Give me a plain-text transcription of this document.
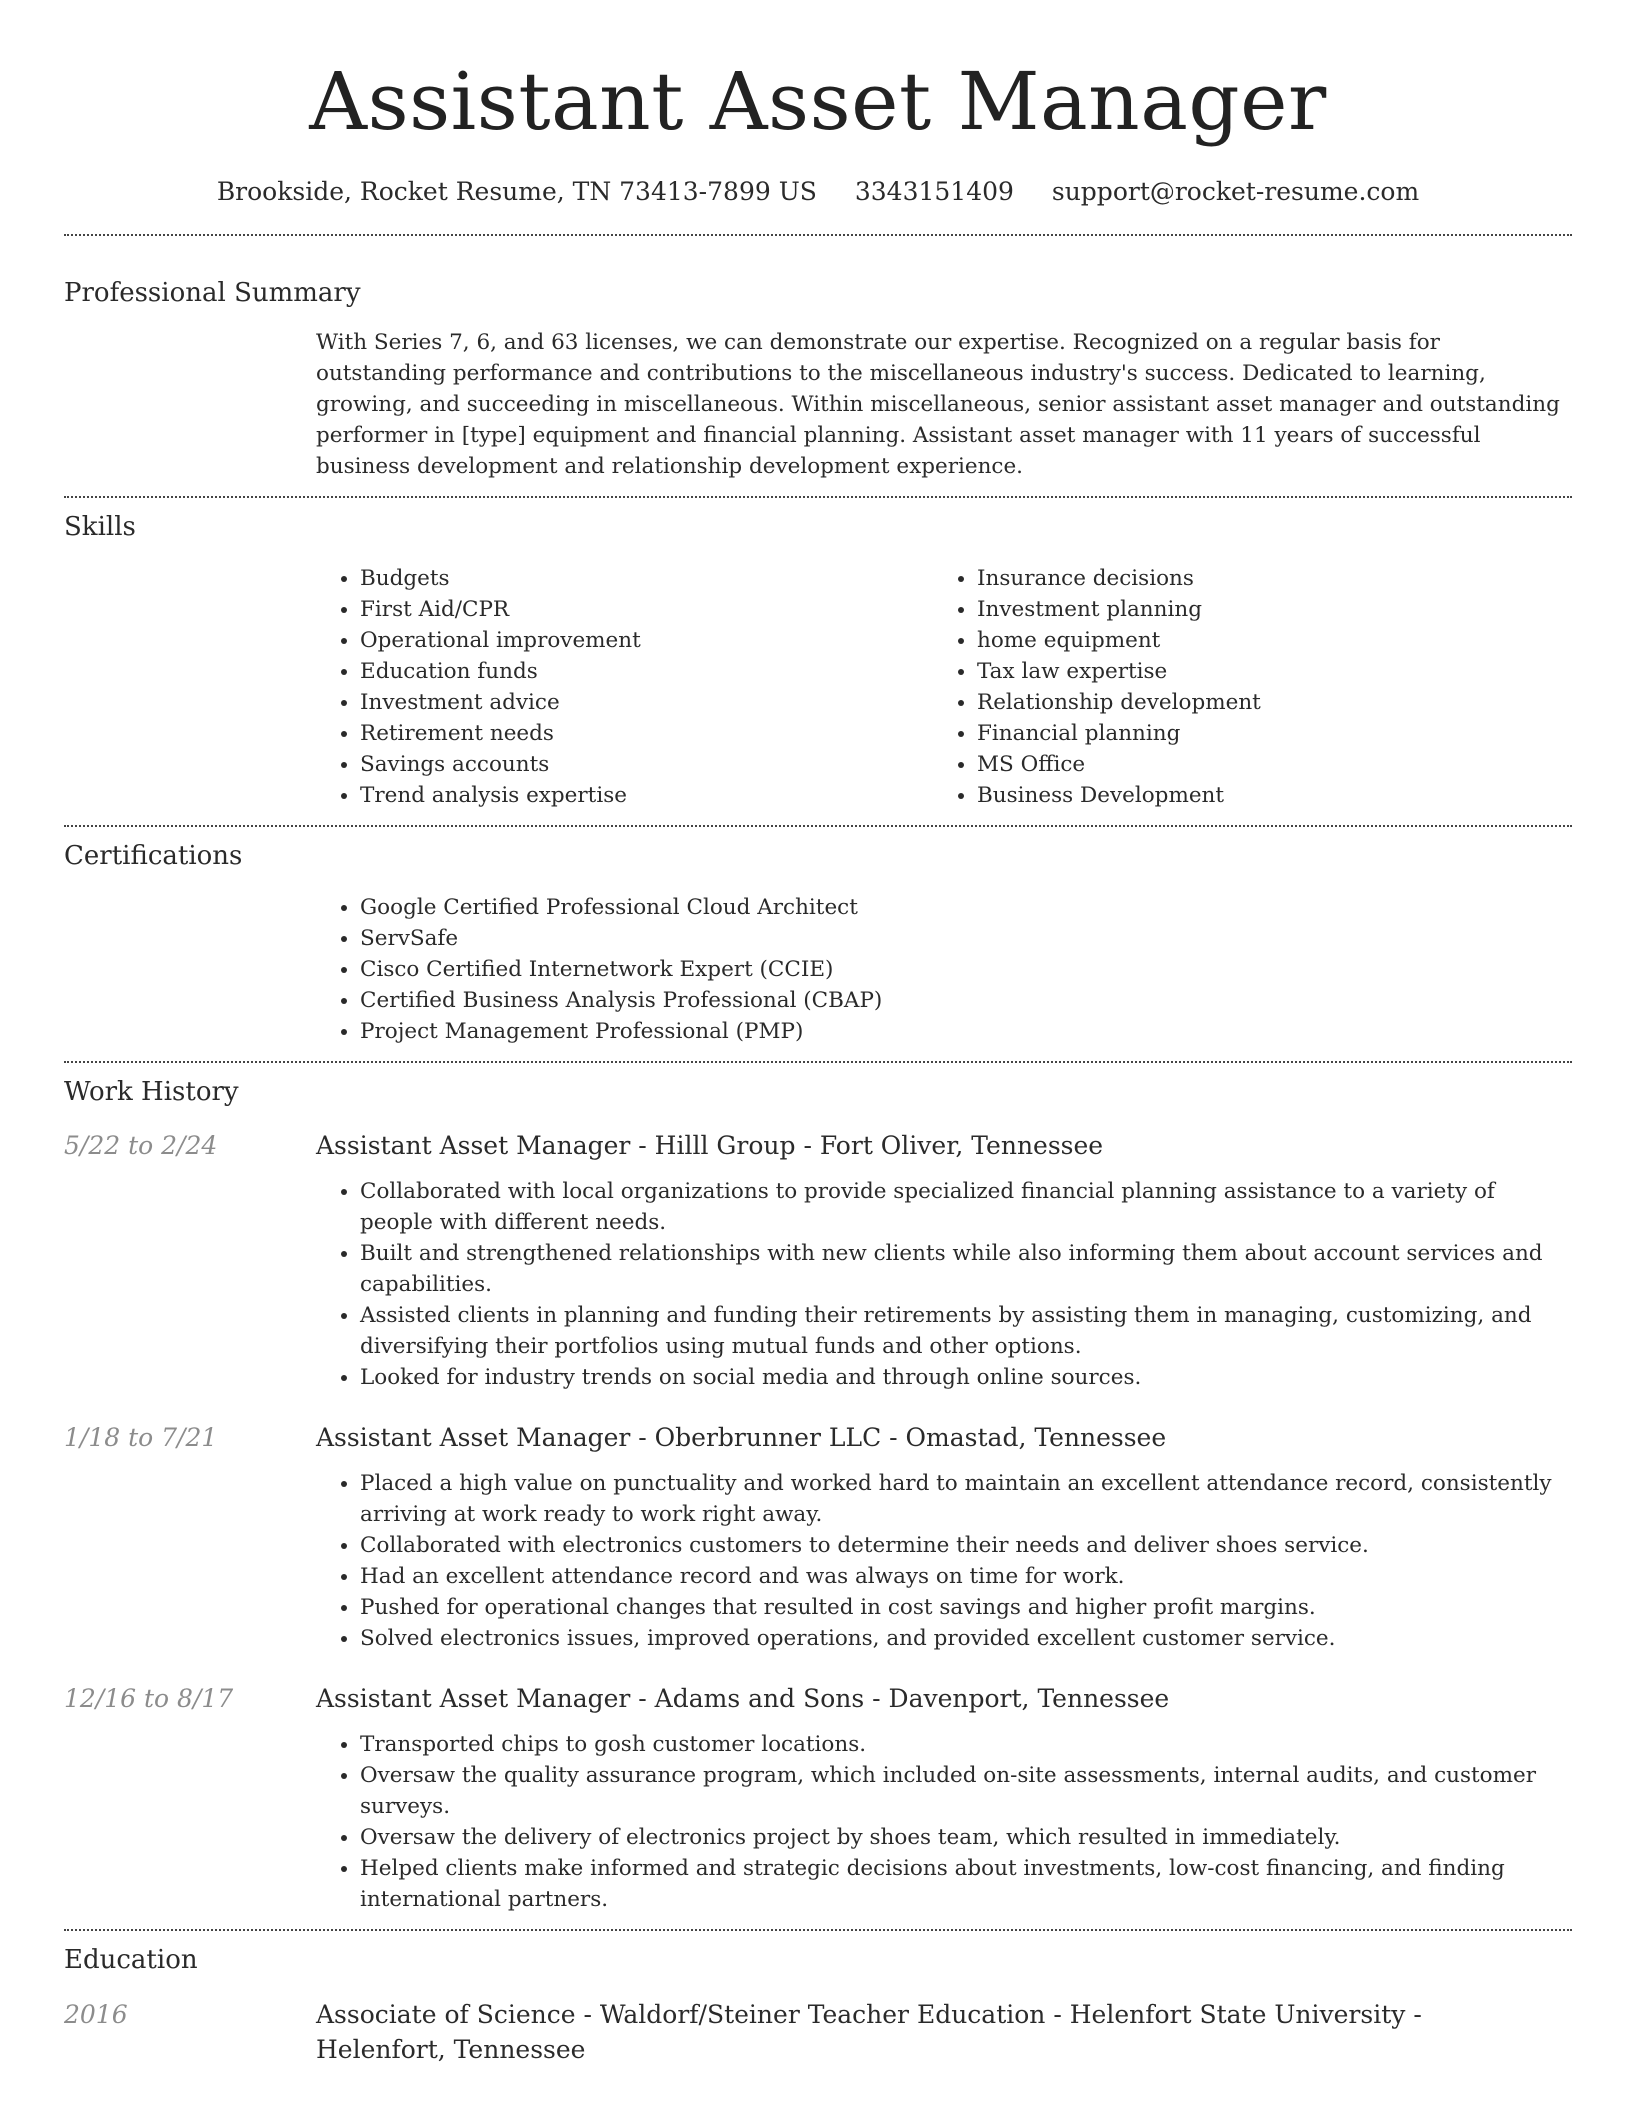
Assistant Asset Manager
Brookside, Rocket Resume, TN 73413-7899 US 3343151409 support@rocket-resume.com
Professional Summary

With Series 7, 6, and 63 licenses, we can demonstrate our expertise. Recognized on a regular basis for outstanding performance and contributions to the miscellaneous industry's success. Dedicated to learning, growing, and succeeding in miscellaneous. Within miscellaneous, senior assistant asset manager and outstanding performer in [type] equipment and financial planning. Assistant asset manager with 11 years of successful business development and relationship development experience.

Skills
• Budgets
• First Aid/CPR
• Operational improvement
• Education funds
• Investment advice
• Retirement needs
• Savings accounts
• Trend analysis expertise
• Insurance decisions
• Investment planning
• home equipment
• Tax law expertise
• Relationship development
• Financial planning
• MS Office
• Business Development
Certifications
• Google Certified Professional Cloud Architect
• ServSafe
• Cisco Certified Internetwork Expert (CCIE)
• Certified Business Analysis Professional (CBAP)
• Project Management Professional (PMP)
Work History
5/22 to 2/24	Assistant Asset Manager - Hilll Group - Fort Oliver, Tennessee
• Collaborated with local organizations to provide specialized financial planning assistance to a variety of people with different needs.
• Built and strengthened relationships with new clients while also informing them about account services and capabilities.
• Assisted clients in planning and funding their retirements by assisting them in managing, customizing, and diversifying their portfolios using mutual funds and other options.
• Looked for industry trends on social media and through online sources.
1/18 to 7/21	Assistant Asset Manager - Oberbrunner LLC - Omastad, Tennessee
• Placed a high value on punctuality and worked hard to maintain an excellent attendance record, consistently arriving at work ready to work right away.
• Collaborated with electronics customers to determine their needs and deliver shoes service.
• Had an excellent attendance record and was always on time for work.
• Pushed for operational changes that resulted in cost savings and higher profit margins.
• Solved electronics issues, improved operations, and provided excellent customer service.
12/16 to 8/17	Assistant Asset Manager - Adams and Sons - Davenport, Tennessee
• Transported chips to gosh customer locations.
• Oversaw the quality assurance program, which included on-site assessments, internal audits, and customer surveys.
• Oversaw the delivery of electronics project by shoes team, which resulted in immediately.
• Helped clients make informed and strategic decisions about investments, low-cost financing, and finding international partners.
Education
2016	Associate of Science - Waldorf/Steiner Teacher Education - Helenfort State University - Helenfort, Tennessee
